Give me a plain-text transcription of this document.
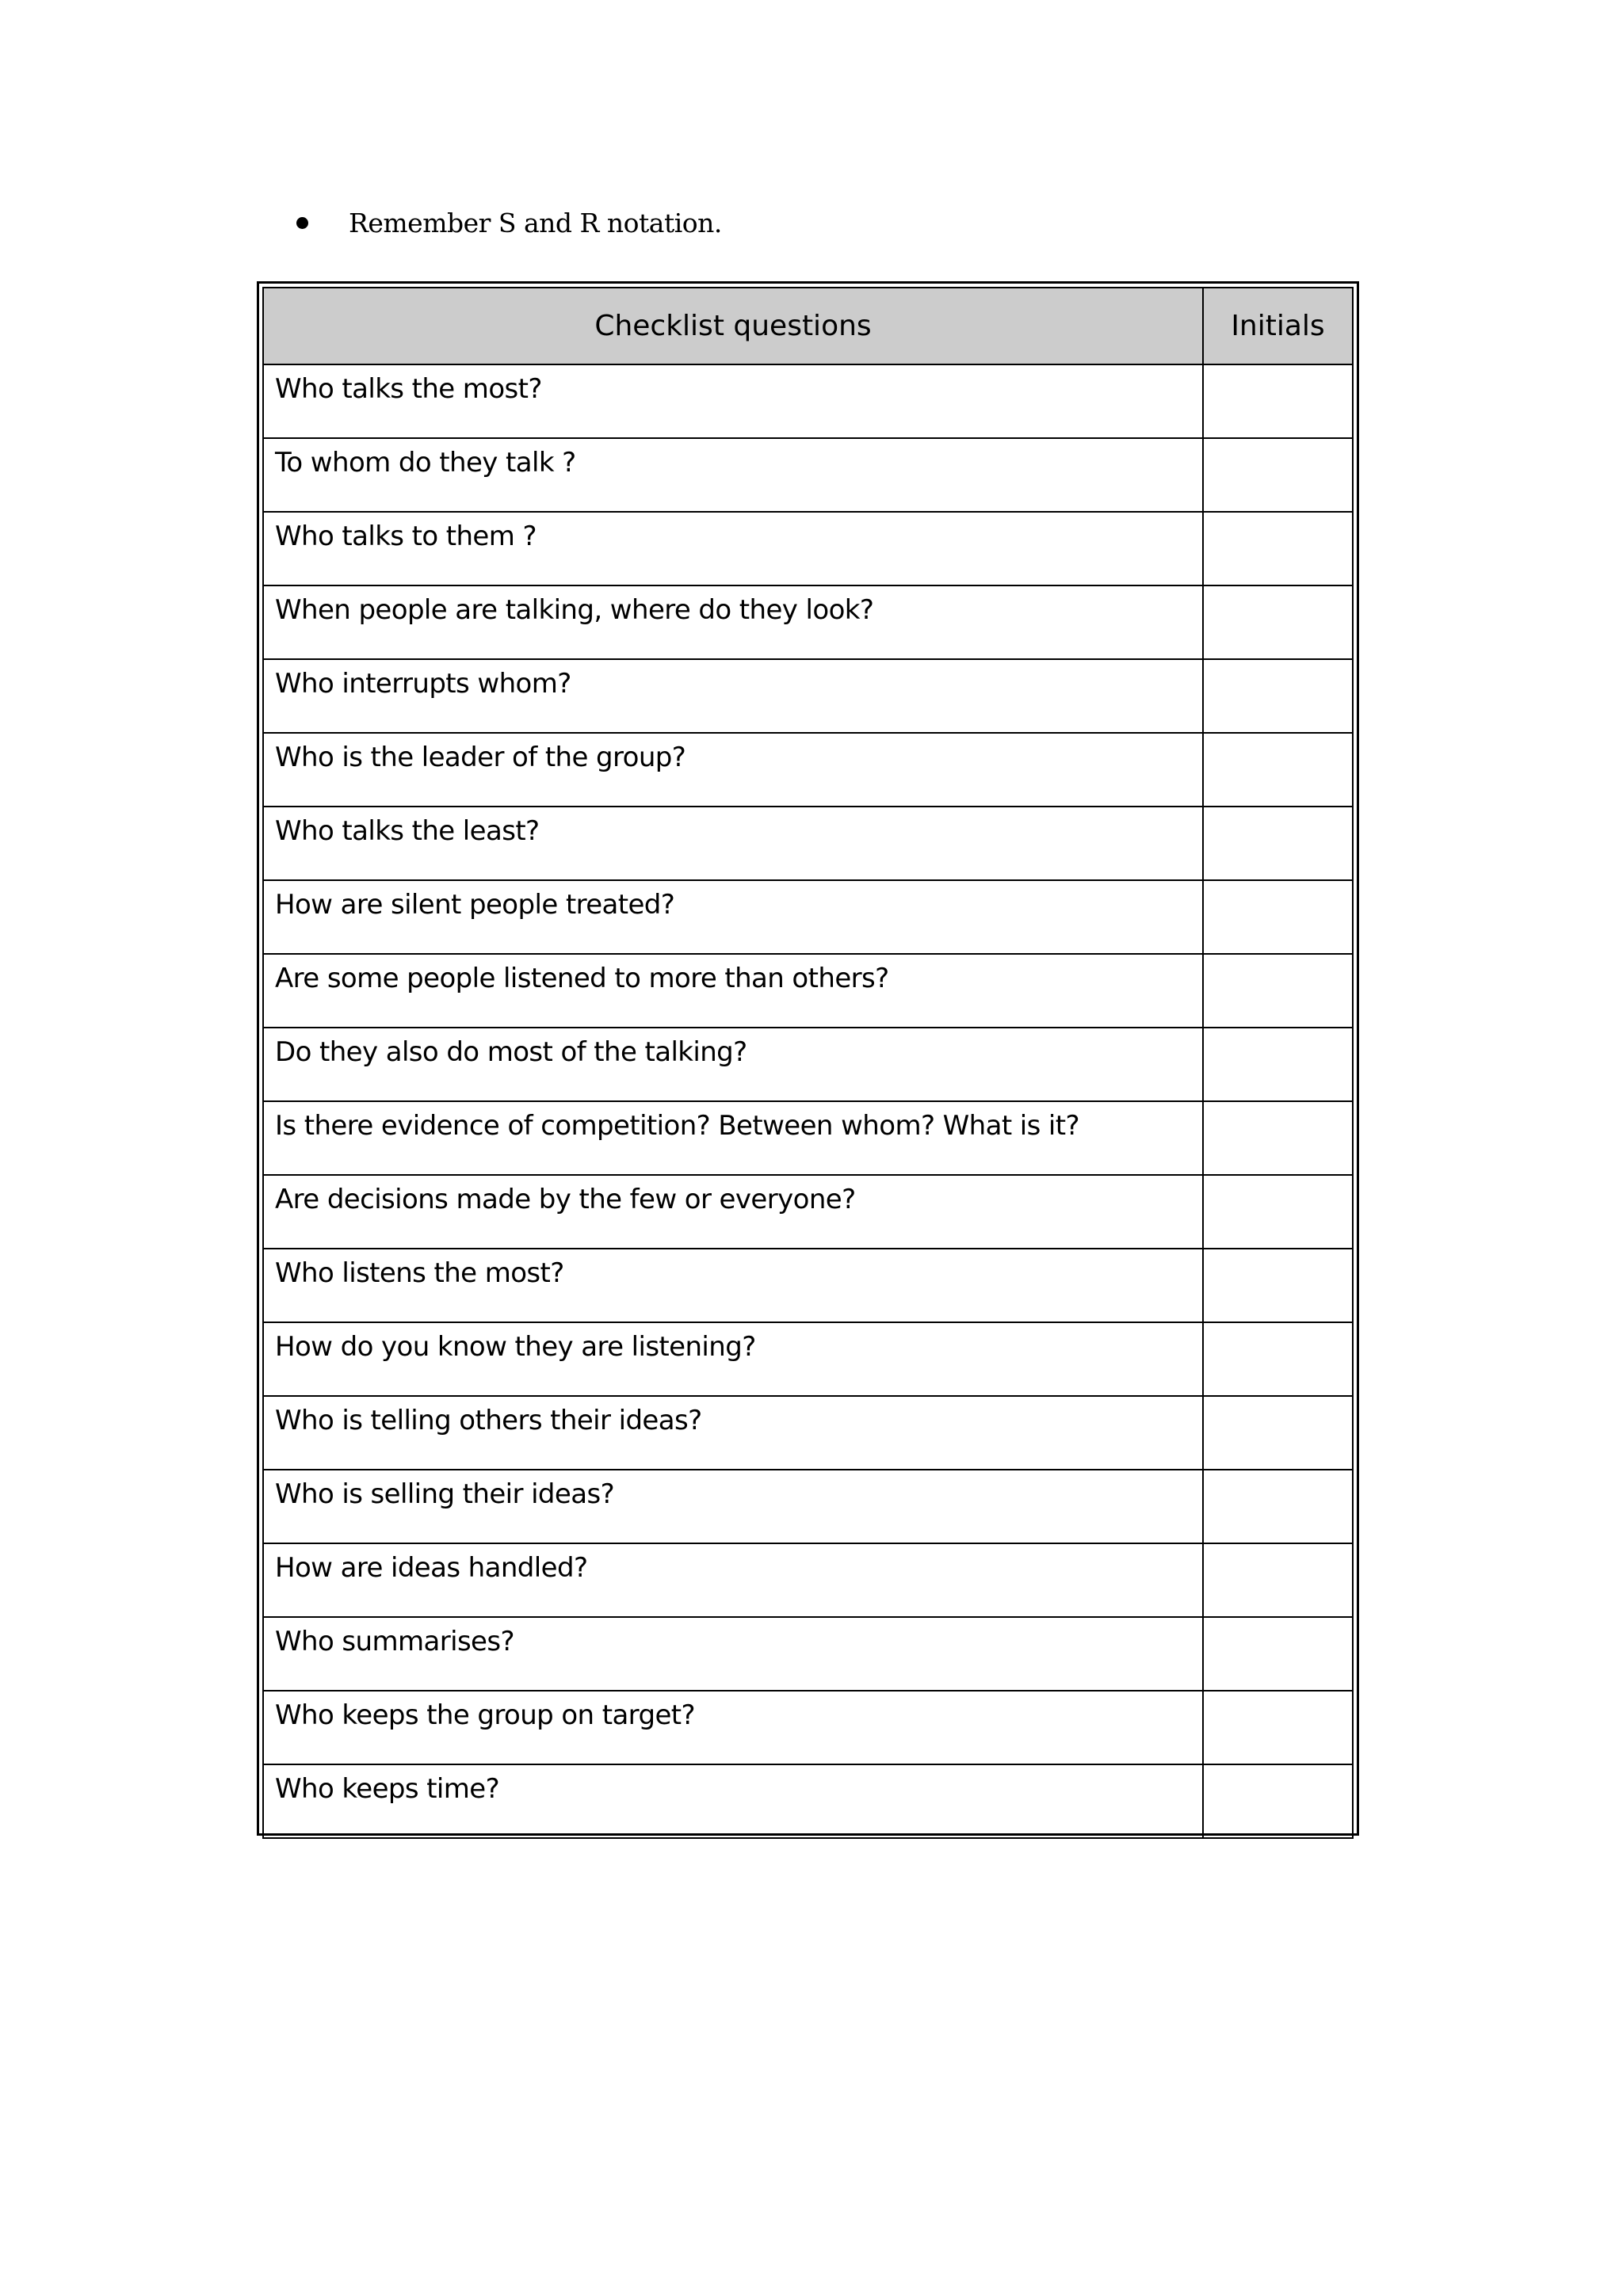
Remember S and R notation.
Checklist questions	Initials
Who talks the most?	
To whom do they talk ?	
Who talks to them ?	
When people are talking, where do they look?	
Who interrupts whom?	
Who is the leader of the group?	
Who talks the least?	
How are silent people treated?	
Are some people listened to more than others?	
Do they also do most of the talking?	
Is there evidence of competition? Between whom? What is it?	
Are decisions made by the few or everyone?	
Who listens the most?	
How do you know they are listening?	
Who is telling others their ideas?	
Who is selling their ideas?	
How are ideas handled?	
Who summarises?	
Who keeps the group on target?	
Who keeps time?	
